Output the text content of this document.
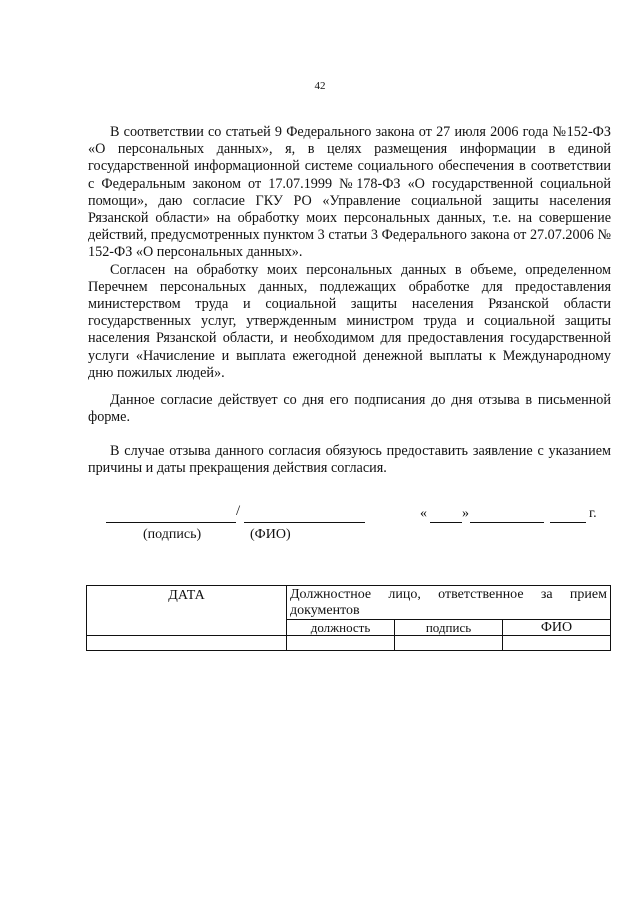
42

В соответствии со статьей 9 Федерального закона от 27 июля 2006 года №152-ФЗ «О персональных данных», я, в целях размещения информации в единой государственной информационной системе социального обеспечения в соответствии с Федеральным законом от 17.07.1999 №178-ФЗ «О государственной социальной помощи», даю согласие ГКУ РО «Управление социальной защиты населения Рязанской области» на обработку моих персональных данных, т.е. на совершение действий, предусмотренных пунктом 3 статьи 3 Федерального закона от 27.07.2006 № 152-ФЗ «О персональных данных».

Согласен на обработку моих персональных данных в объеме, определенном Перечнем персональных данных, подлежащих обработке для предоставления министерством труда и социальной защиты населения Рязанской области государственных услуг, утвержденным министром труда и социальной защиты населения Рязанской области, и необходимом для предоставления государственной услуги «Начисление и выплата ежегодной денежной выплаты к Международному дню пожилых людей».

Данное согласие действует со дня его подписания до дня отзыва в письменной форме.

В случае отзыва данного согласия обязуюсь предоставить заявление с указанием причины и даты прекращения действия согласия.

/
(подпись)	(ФИО)
«	»	г.
ДАТА	Должностное лицо, ответственное за прием документов		
	должность	подпись	ФИО
